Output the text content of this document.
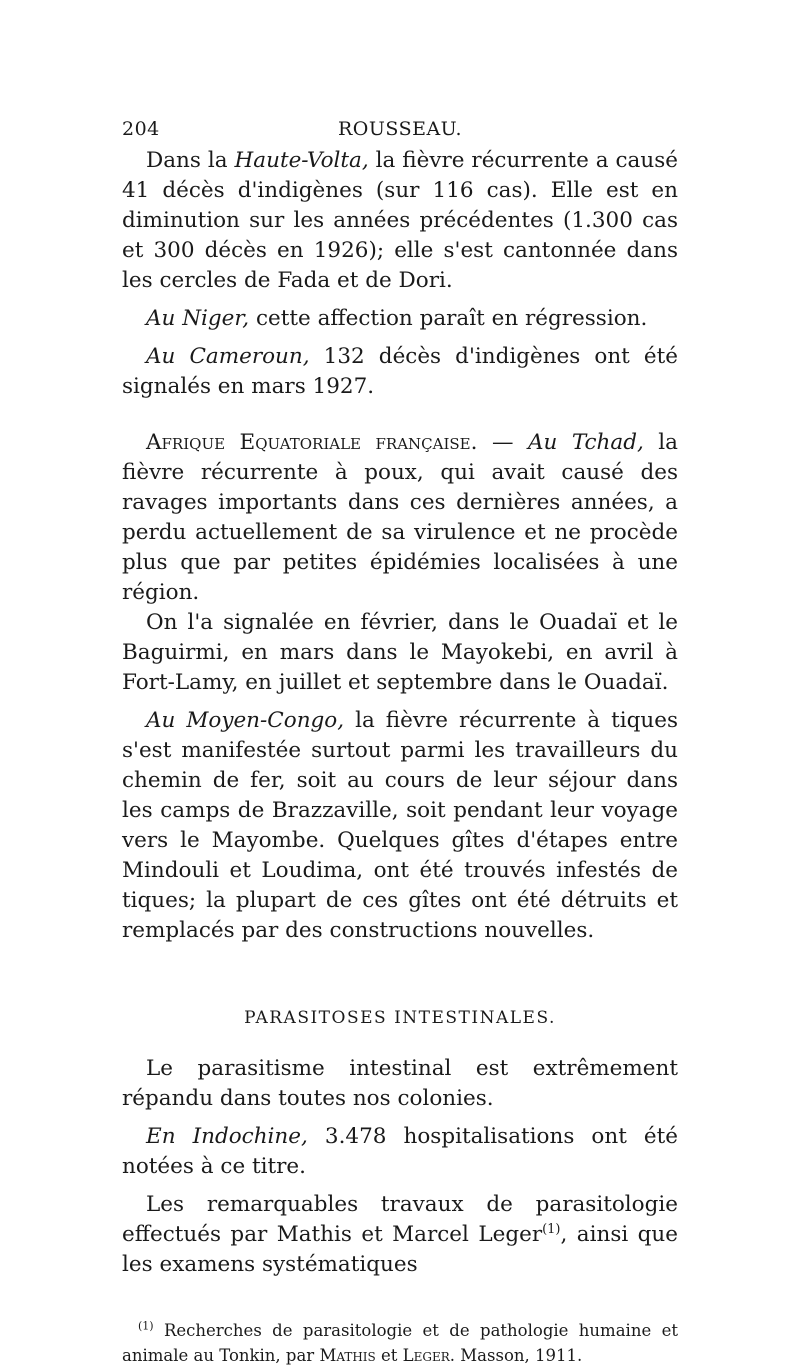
204	ROUSSEAU.

Dans la Haute-Volta, la fièvre récurrente a causé 41 décès d'indigènes (sur 116 cas). Elle est en diminution sur les années précédentes (1.300 cas et 300 décès en 1926); elle s'est cantonnée dans les cercles de Fada et de Dori.

Au Niger, cette affection paraît en régression.

Au Cameroun, 132 décès d'indigènes ont été signalés en mars 1927.

Afrique Equatoriale française. — Au Tchad, la fièvre récurrente à poux, qui avait causé des ravages importants dans ces dernières années, a perdu actuellement de sa virulence et ne procède plus que par petites épidémies localisées à une région.

On l'a signalée en février, dans le Ouadaï et le Baguirmi, en mars dans le Mayokebi, en avril à Fort-Lamy, en juillet et septembre dans le Ouadaï.

Au Moyen-Congo, la fièvre récurrente à tiques s'est manifestée surtout parmi les travailleurs du chemin de fer, soit au cours de leur séjour dans les camps de Brazzaville, soit pendant leur voyage vers le Mayombe. Quelques gîtes d'étapes entre Mindouli et Loudima, ont été trouvés infestés de tiques; la plupart de ces gîtes ont été détruits et remplacés par des constructions nouvelles.

PARASITOSES INTESTINALES.

Le parasitisme intestinal est extrêmement répandu dans toutes nos colonies.

En Indochine, 3.478 hospitalisations ont été notées à ce titre.

Les remarquables travaux de parasitologie effectués par Mathis et Marcel Leger$^{(1)}$, ainsi que les examens systématiques

$^{(1)}$ Recherches de parasitologie et de pathologie humaine et animale au Tonkin, par Mathis et Leger. Masson, 1911.
